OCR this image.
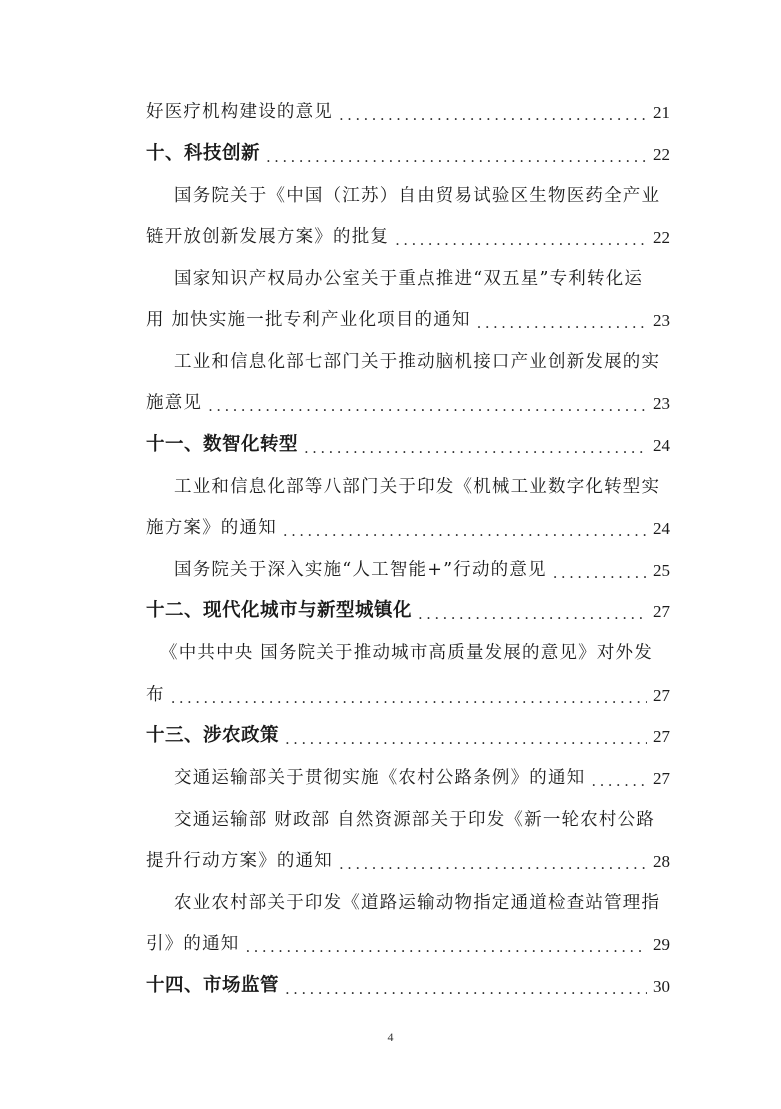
好医疗机构建设的意见 .....	21
十、科技创新 .....	22
国务院关于《中国（江苏）自由贸易试验区生物医药全产业
链开放创新发展方案》的批复 .....	22
国家知识产权局办公室关于重点推进“双五星”专利转化运
用 加快实施一批专利产业化项目的通知 .....	23
工业和信息化部七部门关于推动脑机接口产业创新发展的实
施意见 .....	23
十一、数智化转型 .....	24
工业和信息化部等八部门关于印发《机械工业数字化转型实
施方案》的通知 .....	24
国务院关于深入实施“人工智能+”行动的意见 .....	25
十二、现代化城市与新型城镇化 .....	27
《中共中央 国务院关于推动城市高质量发展的意见》对外发
布 .....	27
十三、涉农政策 .....	27
交通运输部关于贯彻实施《农村公路条例》的通知 .....	27
交通运输部 财政部 自然资源部关于印发《新一轮农村公路
提升行动方案》的通知 .....	28
农业农村部关于印发《道路运输动物指定通道检查站管理指
引》的通知 .....	29
十四、市场监管 .....	30
4
